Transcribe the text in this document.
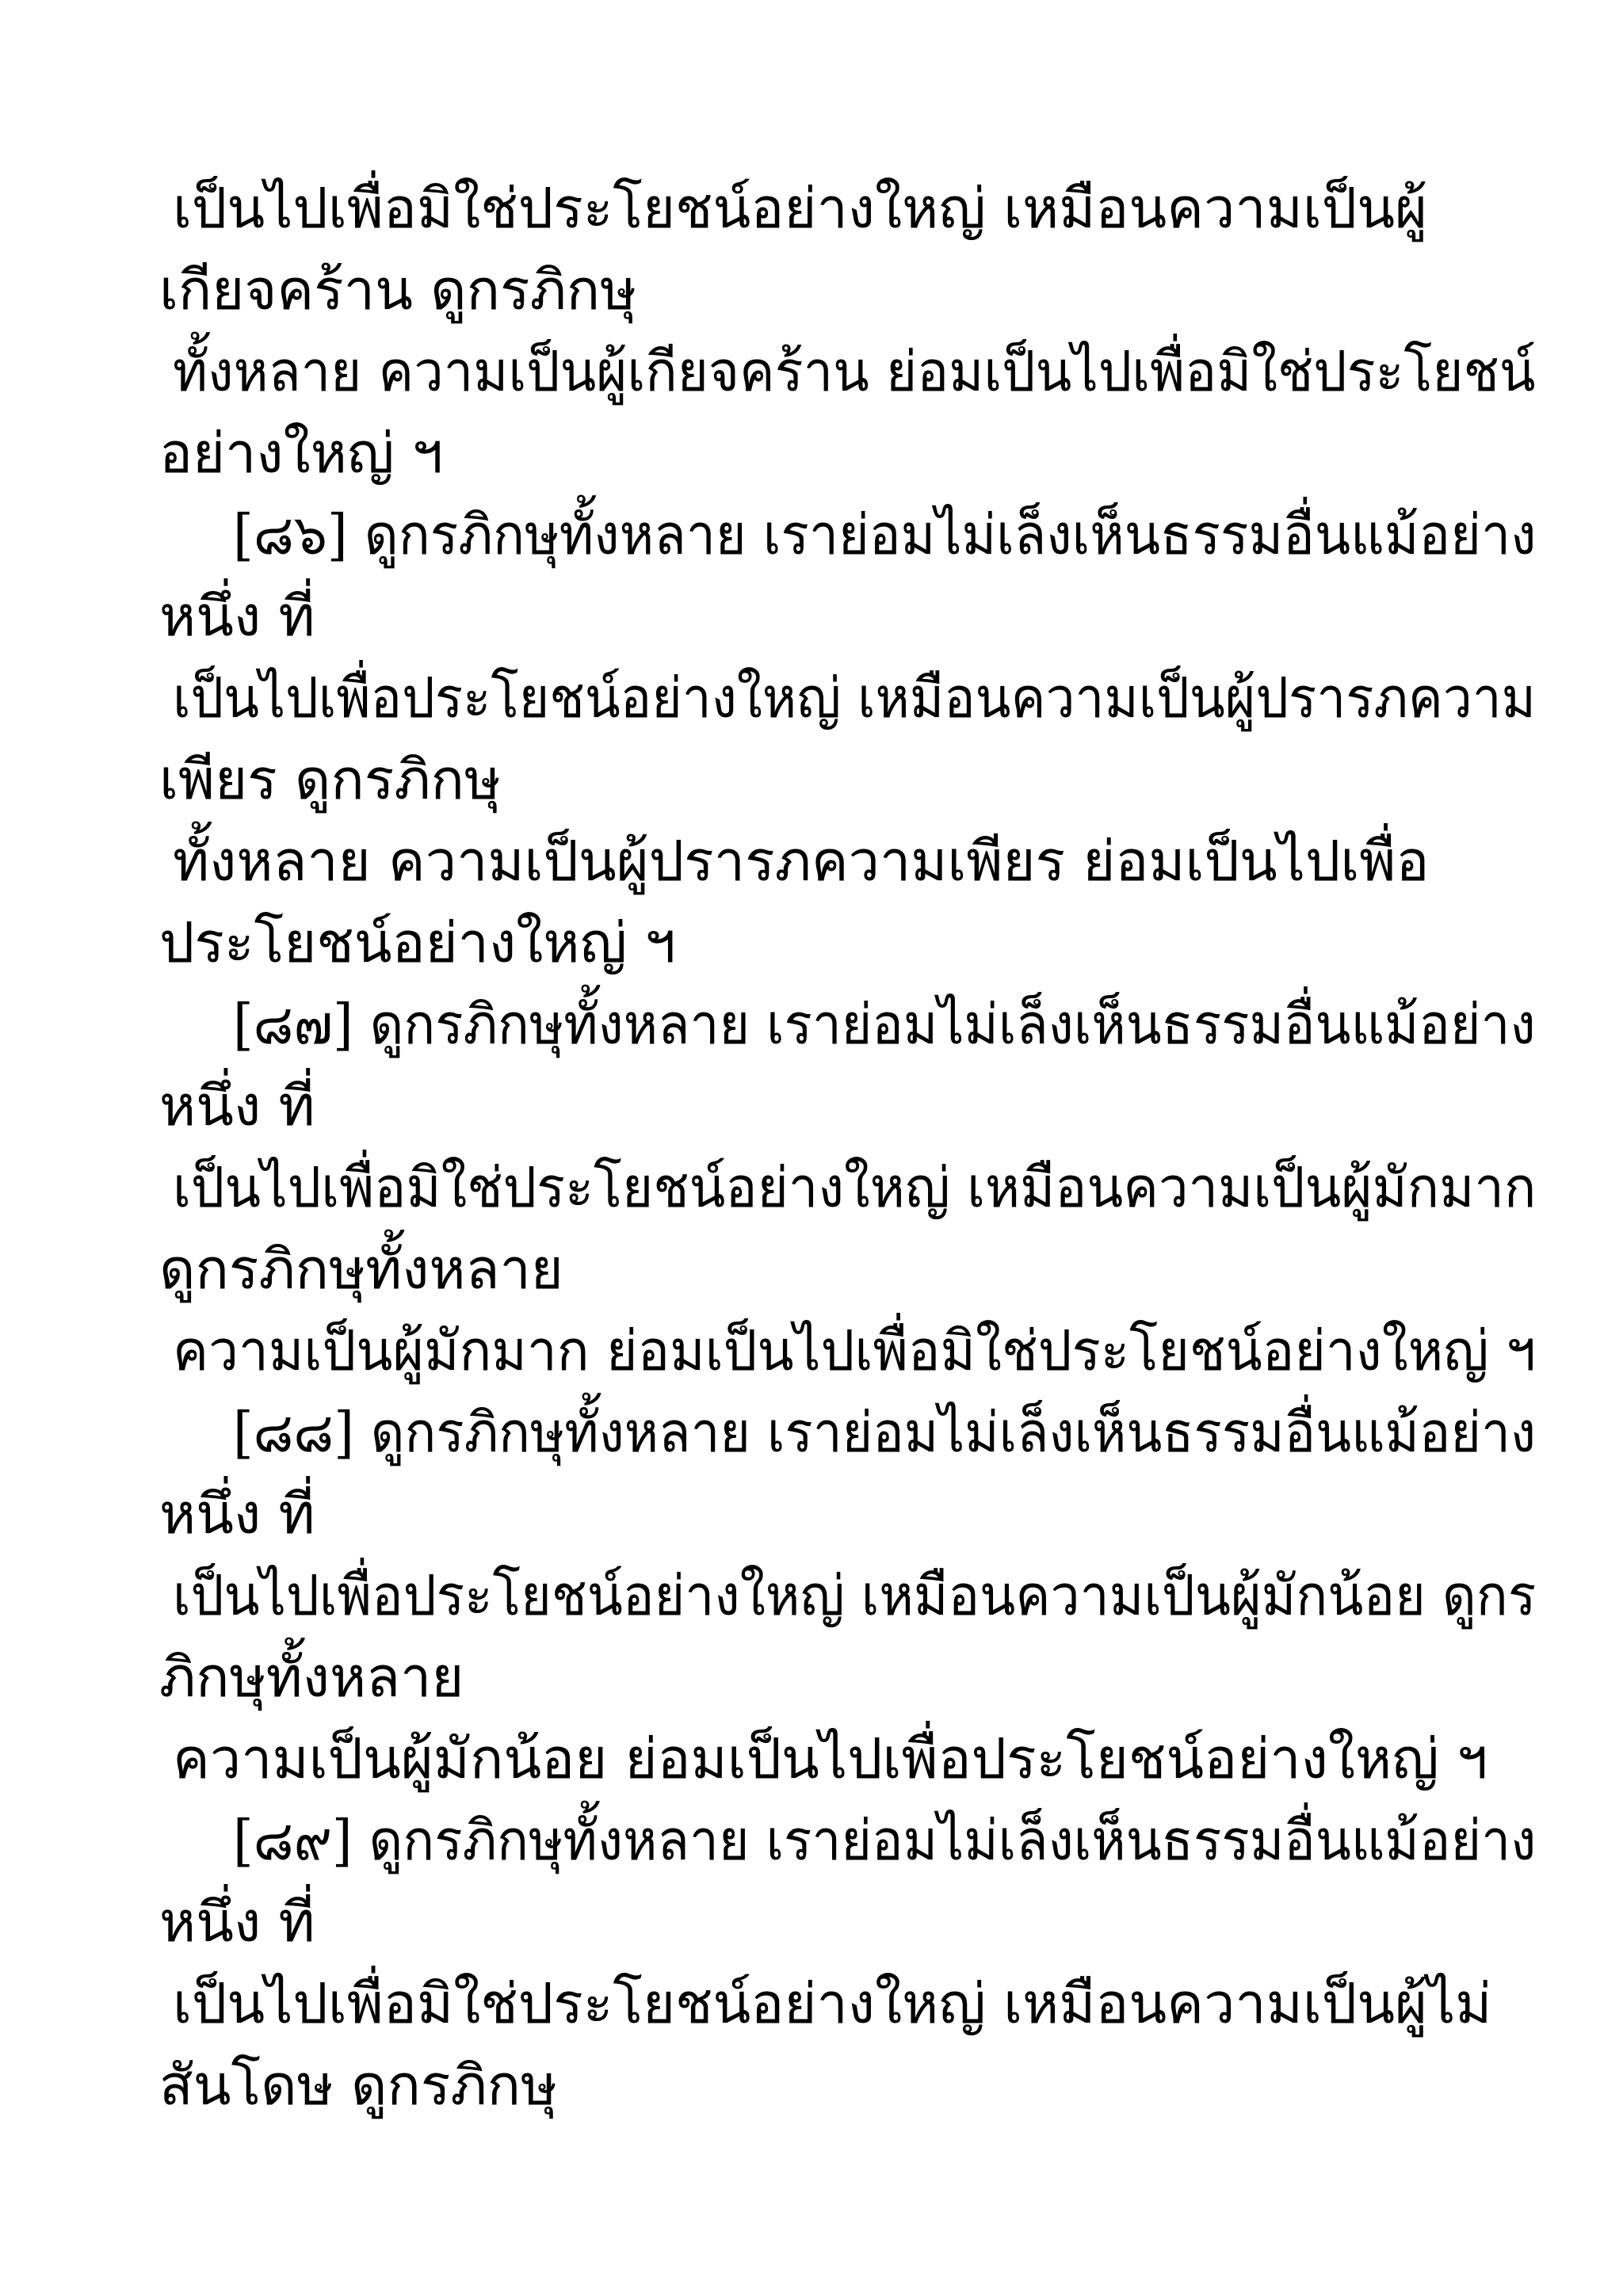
เป็นไปเพื่อมิใช่ประโยชน์อย่างใหญ่ เหมือนความเป็นผู้
เกียจคร้าน ดูกรภิกษุ
ทั้งหลาย ความเป็นผู้เกียจคร้าน ย่อมเป็นไปเพื่อมิใช่ประโยชน์
อย่างใหญ่ ฯ
[๘๖] ดูกรภิกษุทั้งหลาย เราย่อมไม่เล็งเห็นธรรมอื่นแม้อย่าง
หนึ่ง ที่
เป็นไปเพื่อประโยชน์อย่างใหญ่ เหมือนความเป็นผู้ปรารภความ
เพียร ดูกรภิกษุ
ทั้งหลาย ความเป็นผู้ปรารภความเพียร ย่อมเป็นไปเพื่อ
ประโยชน์อย่างใหญ่ ฯ
[๘๗] ดูกรภิกษุทั้งหลาย เราย่อมไม่เล็งเห็นธรรมอื่นแม้อย่าง
หนึ่ง ที่
เป็นไปเพื่อมิใช่ประโยชน์อย่างใหญ่ เหมือนความเป็นผู้มักมาก
ดูกรภิกษุทั้งหลาย
ความเป็นผู้มักมาก ย่อมเป็นไปเพื่อมิใช่ประโยชน์อย่างใหญ่ ฯ
[๘๘] ดูกรภิกษุทั้งหลาย เราย่อมไม่เล็งเห็นธรรมอื่นแม้อย่าง
หนึ่ง ที่
เป็นไปเพื่อประโยชน์อย่างใหญ่ เหมือนความเป็นผู้มักน้อย ดูกร
ภิกษุทั้งหลาย
ความเป็นผู้มักน้อย ย่อมเป็นไปเพื่อประโยชน์อย่างใหญ่ ฯ
[๘๙] ดูกรภิกษุทั้งหลาย เราย่อมไม่เล็งเห็นธรรมอื่นแม้อย่าง
หนึ่ง ที่
เป็นไปเพื่อมิใช่ประโยชน์อย่างใหญ่ เหมือนความเป็นผู้ไม่
สันโดษ ดูกรภิกษุ
